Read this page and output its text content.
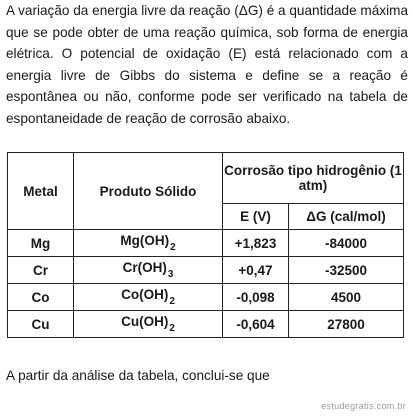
A variação da energia livre da reação (ΔG) é a quantidade máxima que se pode obter de uma reação química, sob forma de energia elétrica. O potencial de oxidação (E) está relacionado com a energia livre de Gibbs do sistema e define se a reação é espontânea ou não, conforme pode ser verificado na tabela de espontaneidade de reação de corrosão abaixo.

Metal	Produto Sólido	Corrosão tipo hidrogênio (1 atm)	
		E (V)	ΔG (cal/mol)
Mg	$Mg(OH)_2$	+1,823	-84000
Cr	$Cr(OH)_3$	+0,47	-32500
Co	$Co(OH)_2$	-0,098	4500
Cu	$Cu(OH)_2$	-0,604	27800

A partir da análise da tabela, conclui-se que

estudegratis.com.br
